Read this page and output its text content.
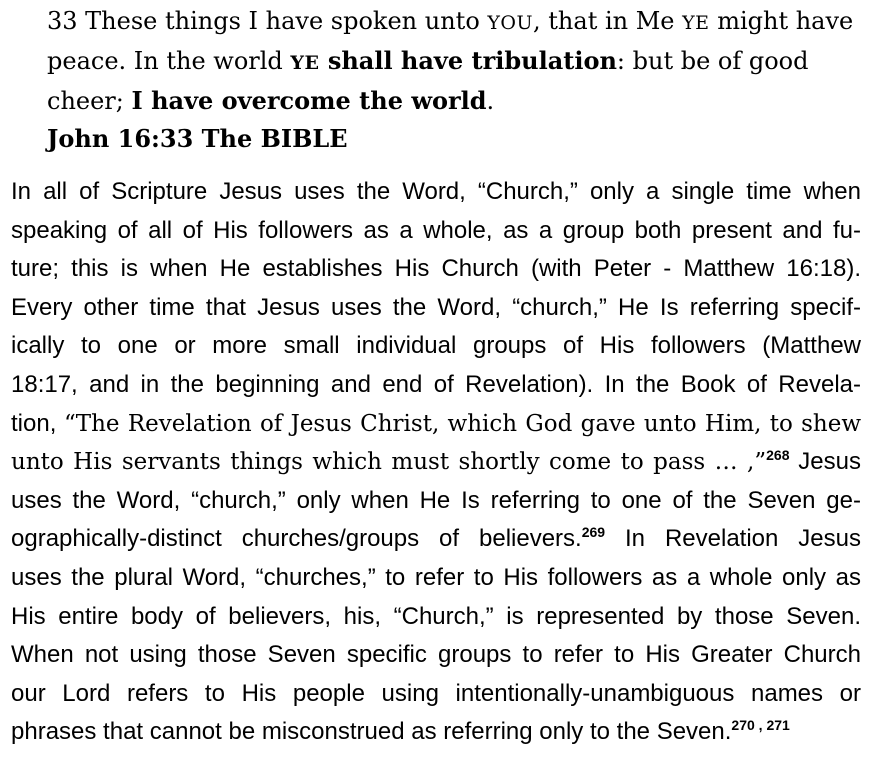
33 These things I have spoken unto YOU, that in Me YE might have
peace. In the world YE shall have tribulation: but be of good
cheer; I have overcome the world.
John 16:33 The BIBLE
In all of Scripture Jesus uses the Word, “Church,” only a single time when
speaking of all of His followers as a whole, as a group both present and fu-
ture; this is when He establishes His Church (with Peter - Matthew 16:18).
Every other time that Jesus uses the Word, “church,” He Is referring specif-
ically to one or more small individual groups of His followers (Matthew
18:17, and in the beginning and end of Revelation). In the Book of Revela-
tion, “The Revelation of Jesus Christ, which God gave unto Him, to shew
unto His servants things which must shortly come to pass … ,”$^{268}$ Jesus
uses the Word, “church,” only when He Is referring to one of the Seven ge-
ographically-distinct churches/groups of believers.$^{269}$ In Revelation Jesus
uses the plural Word, “churches,” to refer to His followers as a whole only as
His entire body of believers, his, “Church,” is represented by those Seven.
When not using those Seven specific groups to refer to His Greater Church
our Lord refers to His people using intentionally-unambiguous names or
phrases that cannot be misconstrued as referring only to the Seven.$^{270 , 271}$
